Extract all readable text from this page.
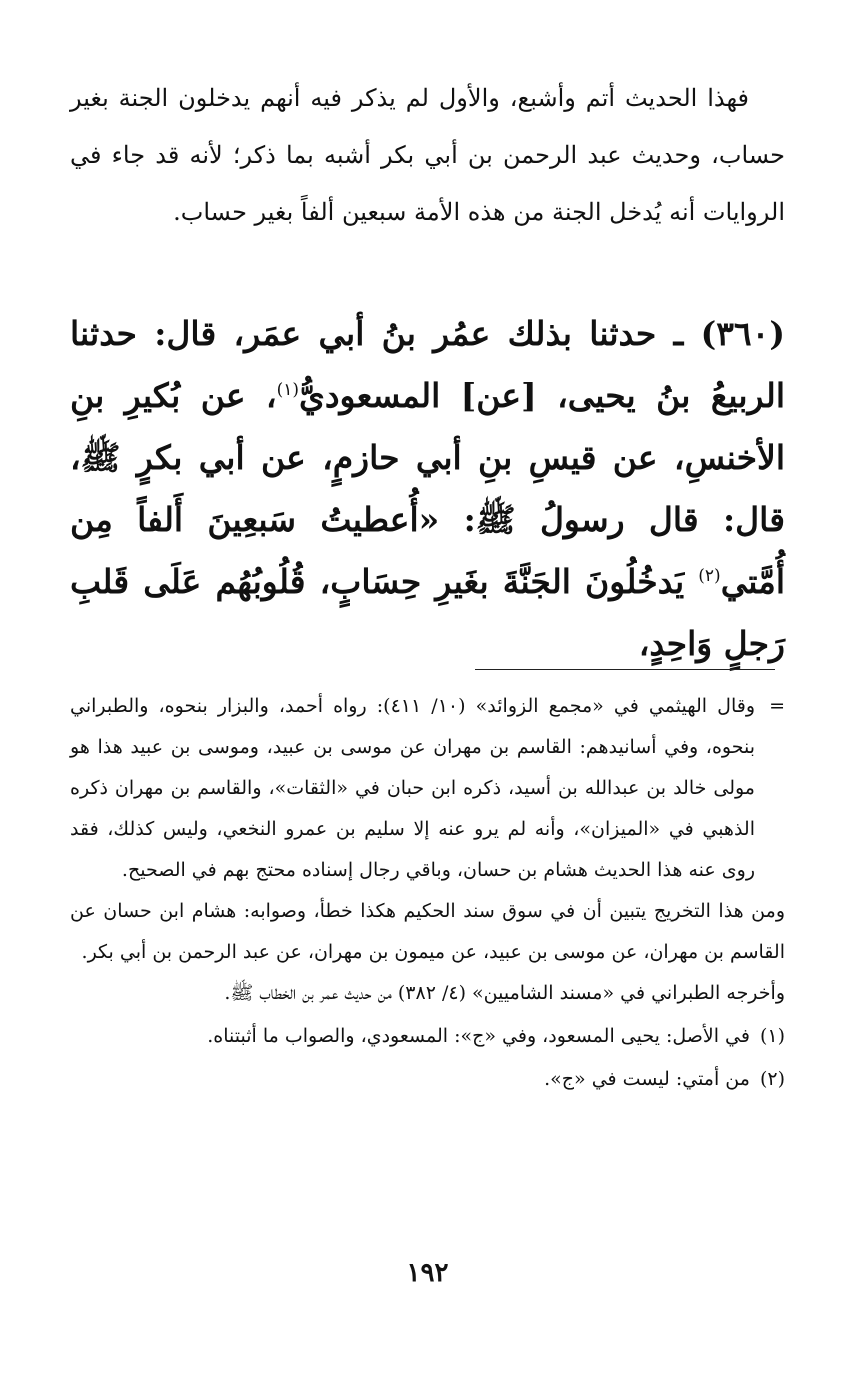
فهذا الحديث أتم وأشبع، والأول لم يذكر فيه أنهم يدخلون الجنة بغير حساب، وحديث عبد الرحمن بن أبي بكر أشبه بما ذكر؛ لأنه قد جاء في الروايات أنه يُدخل الجنة من هذه الأمة سبعين ألفاً بغير حساب.

(٣٦٠) ـ حدثنا بذلك عمُر بنُ أبي عمَر، قال: حدثنا الربيعُ بنُ يحيى، [عن] المسعوديُّ$^{(١)}$، عن بُكيرِ بنِ الأخنسِ، عن قيسِ بنِ أبي حازمٍ، عن أبي بكرٍ ﷺ، قال: قال رسولُ ﷺ: «أُعطيتُ سَبعِينَ أَلفاً مِن أُمَّتي$^{(٢)}$ يَدخُلُونَ الجَنَّةَ بغَيرِ حِسَابٍ، قُلُوبُهُم عَلَى قَلبِ رَجلٍ وَاحِدٍ،

=
وقال الهيثمي في «مجمع الزوائد» (١٠/ ٤١١): رواه أحمد، والبزار بنحوه، والطبراني بنحوه، وفي أسانيدهم: القاسم بن مهران عن موسى بن عبيد، وموسى بن عبيد هذا هو مولى خالد بن عبدالله بن أسيد، ذكره ابن حبان في «الثقات»، والقاسم بن مهران ذكره الذهبي في «الميزان»، وأنه لم يرو عنه إلا سليم بن عمرو النخعي، وليس كذلك، فقد روى عنه هذا الحديث هشام بن حسان، وباقي رجال إسناده محتج بهم في الصحيح.

ومن هذا التخريج يتبين أن في سوق سند الحكيم هكذا خطأ، وصوابه: هشام ابن حسان عن القاسم بن مهران، عن موسى بن عبيد، عن ميمون بن مهران، عن عبد الرحمن بن أبي بكر.

وأخرجه الطبراني في «مسند الشاميين» (٤/ ٣٨٢) من حديث عمر بن الخطاب ﷺ.

(١)
في الأصل: يحيى المسعود، وفي «ج»: المسعودي، والصواب ما أثبتناه.
(٢)
من أمتي: ليست في «ج».
١٩٢
